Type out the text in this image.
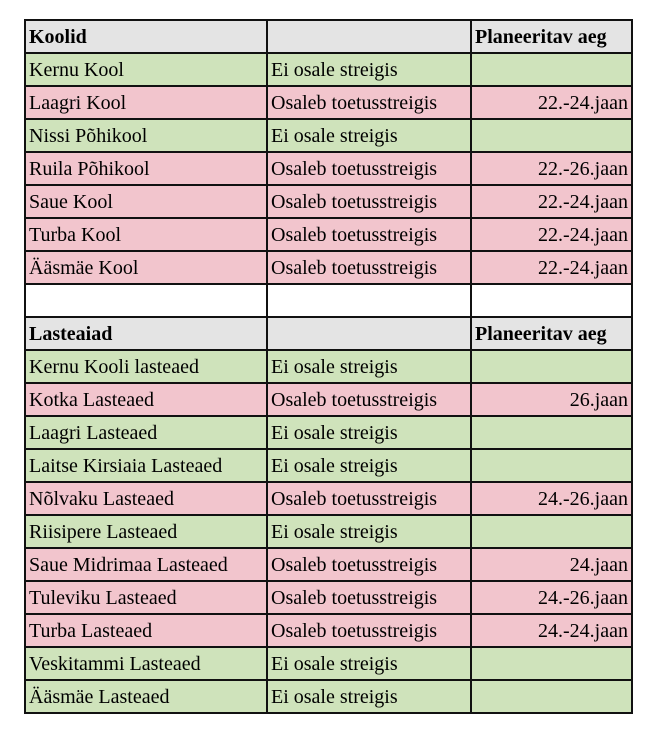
Koolid		Planeeritav aeg
Kernu Kool	Ei osale streigis	
Laagri Kool	Osaleb toetusstreigis	22.-24.jaan
Nissi Põhikool	Ei osale streigis	
Ruila Põhikool	Osaleb toetusstreigis	22.-26.jaan
Saue Kool	Osaleb toetusstreigis	22.-24.jaan
Turba Kool	Osaleb toetusstreigis	22.-24.jaan
Ääsmäe Kool	Osaleb toetusstreigis	22.-24.jaan

Lasteaiad		Planeeritav aeg
Kernu Kooli lasteaed	Ei osale streigis	
Kotka Lasteaed	Osaleb toetusstreigis	26.jaan
Laagri Lasteaed	Ei osale streigis	
Laitse Kirsiaia Lasteaed	Ei osale streigis	
Nõlvaku Lasteaed	Osaleb toetusstreigis	24.-26.jaan
Riisipere Lasteaed	Ei osale streigis	
Saue Midrimaa Lasteaed	Osaleb toetusstreigis	24.jaan
Tuleviku Lasteaed	Osaleb toetusstreigis	24.-26.jaan
Turba Lasteaed	Osaleb toetusstreigis	24.-24.jaan
Veskitammi Lasteaed	Ei osale streigis	
Ääsmäe Lasteaed	Ei osale streigis	
